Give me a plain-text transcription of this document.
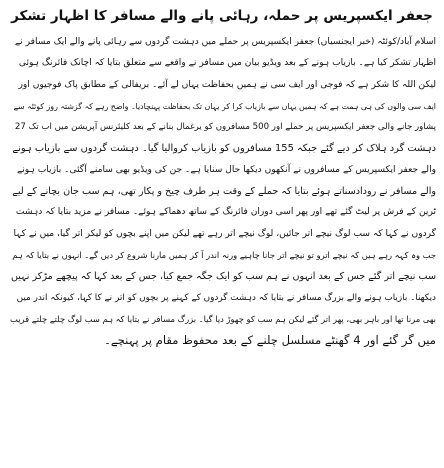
جعفر ایکسپریس پر حملہ، رہائی پانے والے مسافر کا اظہار تشکر

اسلام آباد/کوئٹہ (خبر ایجنسیاں) جعفر ایکسپریس پر حملے میں دہشت گردوں سے رہائی پانے والے ایک مسافر نے

اظہار تشکر کیا ہے۔ بازیاب ہونے کے بعد ویڈیو بیان میں مسافر نے واقعے سے متعلق بتایا کہ اچانک فائرنگ ہوئی

لیکن اللہ کا شکر ہے کہ فوجی اور ایف سی نے ہمیں بحفاظت یہاں لے آئے۔ بریفالی کے مطابق پاک فوجیوں اور

ایف سی والوں کی ہی ہمت ہے کہ ہمیں یہاں سے بازیاب کرا کر یہاں تک بحفاظت پہنچادیا۔ واضح رہے کہ گزشتہ روز کوئٹہ سے

پشاور جانے والی جعفر ایکسپریس پر حملے اور 500 مسافروں کو یرغمال بنانے کے بعد کلیئرنس آپریشن میں اب تک 27

دہشت گرد ہلاک کر دیے گئے جبکہ 155 مسافروں کو بازیاب کروالیا گیا۔ دہشت گردوں سے بازیاب ہونے

والے جعفر ایکسپریس کے مسافروں نے آنکھوں دیکھا حال سنایا ہے۔ جن کی ویڈیو بھی سامنے آگئی۔ بازیاب ہونے

والے مسافر نے رودادسناتے ہوئے بتایا کہ حملے کے وقت ہر طرف چیخ و پکار تھی، ہم سب جان بچانے کے لیے

ٹرین کے فرش پر لیٹ گئے تھے اور پھر اسی دوران فائرنگ کے ساتھ دھماکے ہوئے۔ مسافر نے مزید بتایا کہ دہشت

گردوں نے کہا کہ سب لوگ نیچے اتر جائیں، لوگ نیچے اتر رہے تھے لیکن میں اپنے بچوں کو لیکر اتر گیا، میں نے کہا

جب وہ کہہ رہے ہیں کہ نیچے اترو تو نیچے اتر جانا چاہیے ورنہ اندر آ کر ہمیں مارنا شروع کر دیں گے۔ انہوں نے بتایا کہ ہم

سب نیچے اتر گئے جس کے بعد انہوں نے ہم سب کو ایک جگہ جمع کیا، جس کے بعد کہا کہ پیچھے مڑکر نہیں

دیکھنا۔ بازیاب ہونے والے بزرگ مسافر نے بتایا کہ دہشت گردوں کے کہنے پر بچوں کو اتر نے کا کہا، کیونکہ اندر میں

بھی مرنا تھا اور باہر بھی، پھر اتر گئے لیکن ہم سب کو چھوڑ دیا گیا۔ بزرگ مسافر نے بتایا کہ ہم سب لوگ چلتے چلتے قریب

میں گر گئے اور 4 گھنٹے مسلسل چلنے کے بعد محفوظ مقام پر پہنچے۔
